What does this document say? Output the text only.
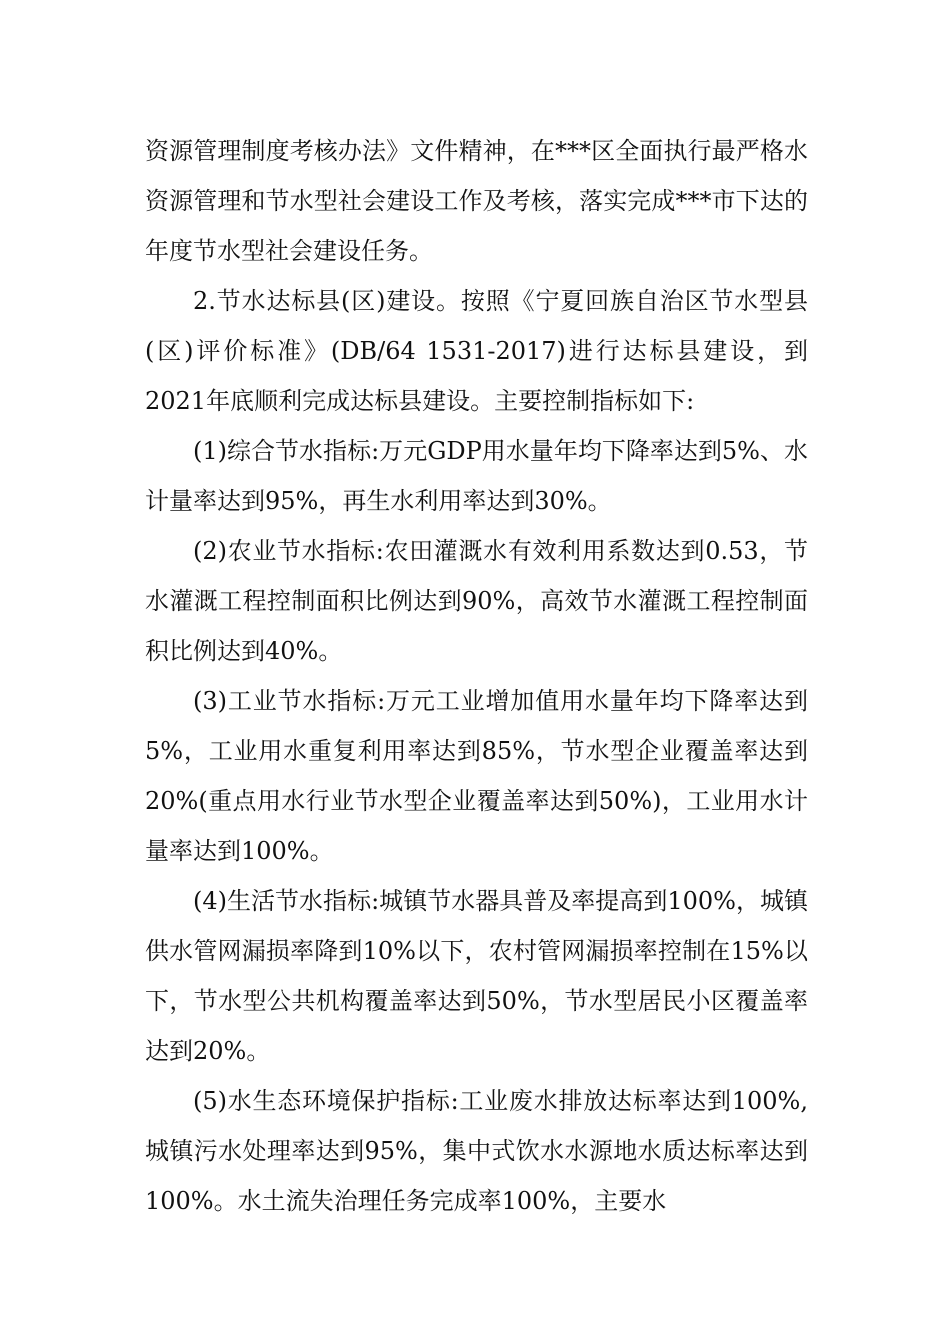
资源管理制度考核办法》文件精神，在***区全面执行最严格水资源管理和节水型社会建设工作及考核，落实完成***市下达的年度节水型社会建设任务。

2.节水达标县(区)建设。按照《宁夏回族自治区节水型县(区)评价标准》(DB/64 1531-2017)进行达标县建设，到2021年底顺利完成达标县建设。主要控制指标如下:

(1)综合节水指标:万元GDP用水量年均下降率达到5%、水计量率达到95%，再生水利用率达到30%。

(2)农业节水指标:农田灌溉水有效利用系数达到0.53，节水灌溉工程控制面积比例达到90%，高效节水灌溉工程控制面积比例达到40%。

(3)工业节水指标:万元工业增加值用水量年均下降率达到5%，工业用水重复利用率达到85%，节水型企业覆盖率达到20%(重点用水行业节水型企业覆盖率达到50%)，工业用水计量率达到100%。

(4)生活节水指标:城镇节水器具普及率提高到100%，城镇供水管网漏损率降到10%以下，农村管网漏损率控制在15%以下，节水型公共机构覆盖率达到50%，节水型居民小区覆盖率达到20%。

(5)水生态环境保护指标:工业废水排放达标率达到100%,城镇污水处理率达到95%，集中式饮水水源地水质达标率达到100%。水土流失治理任务完成率100%，主要水
